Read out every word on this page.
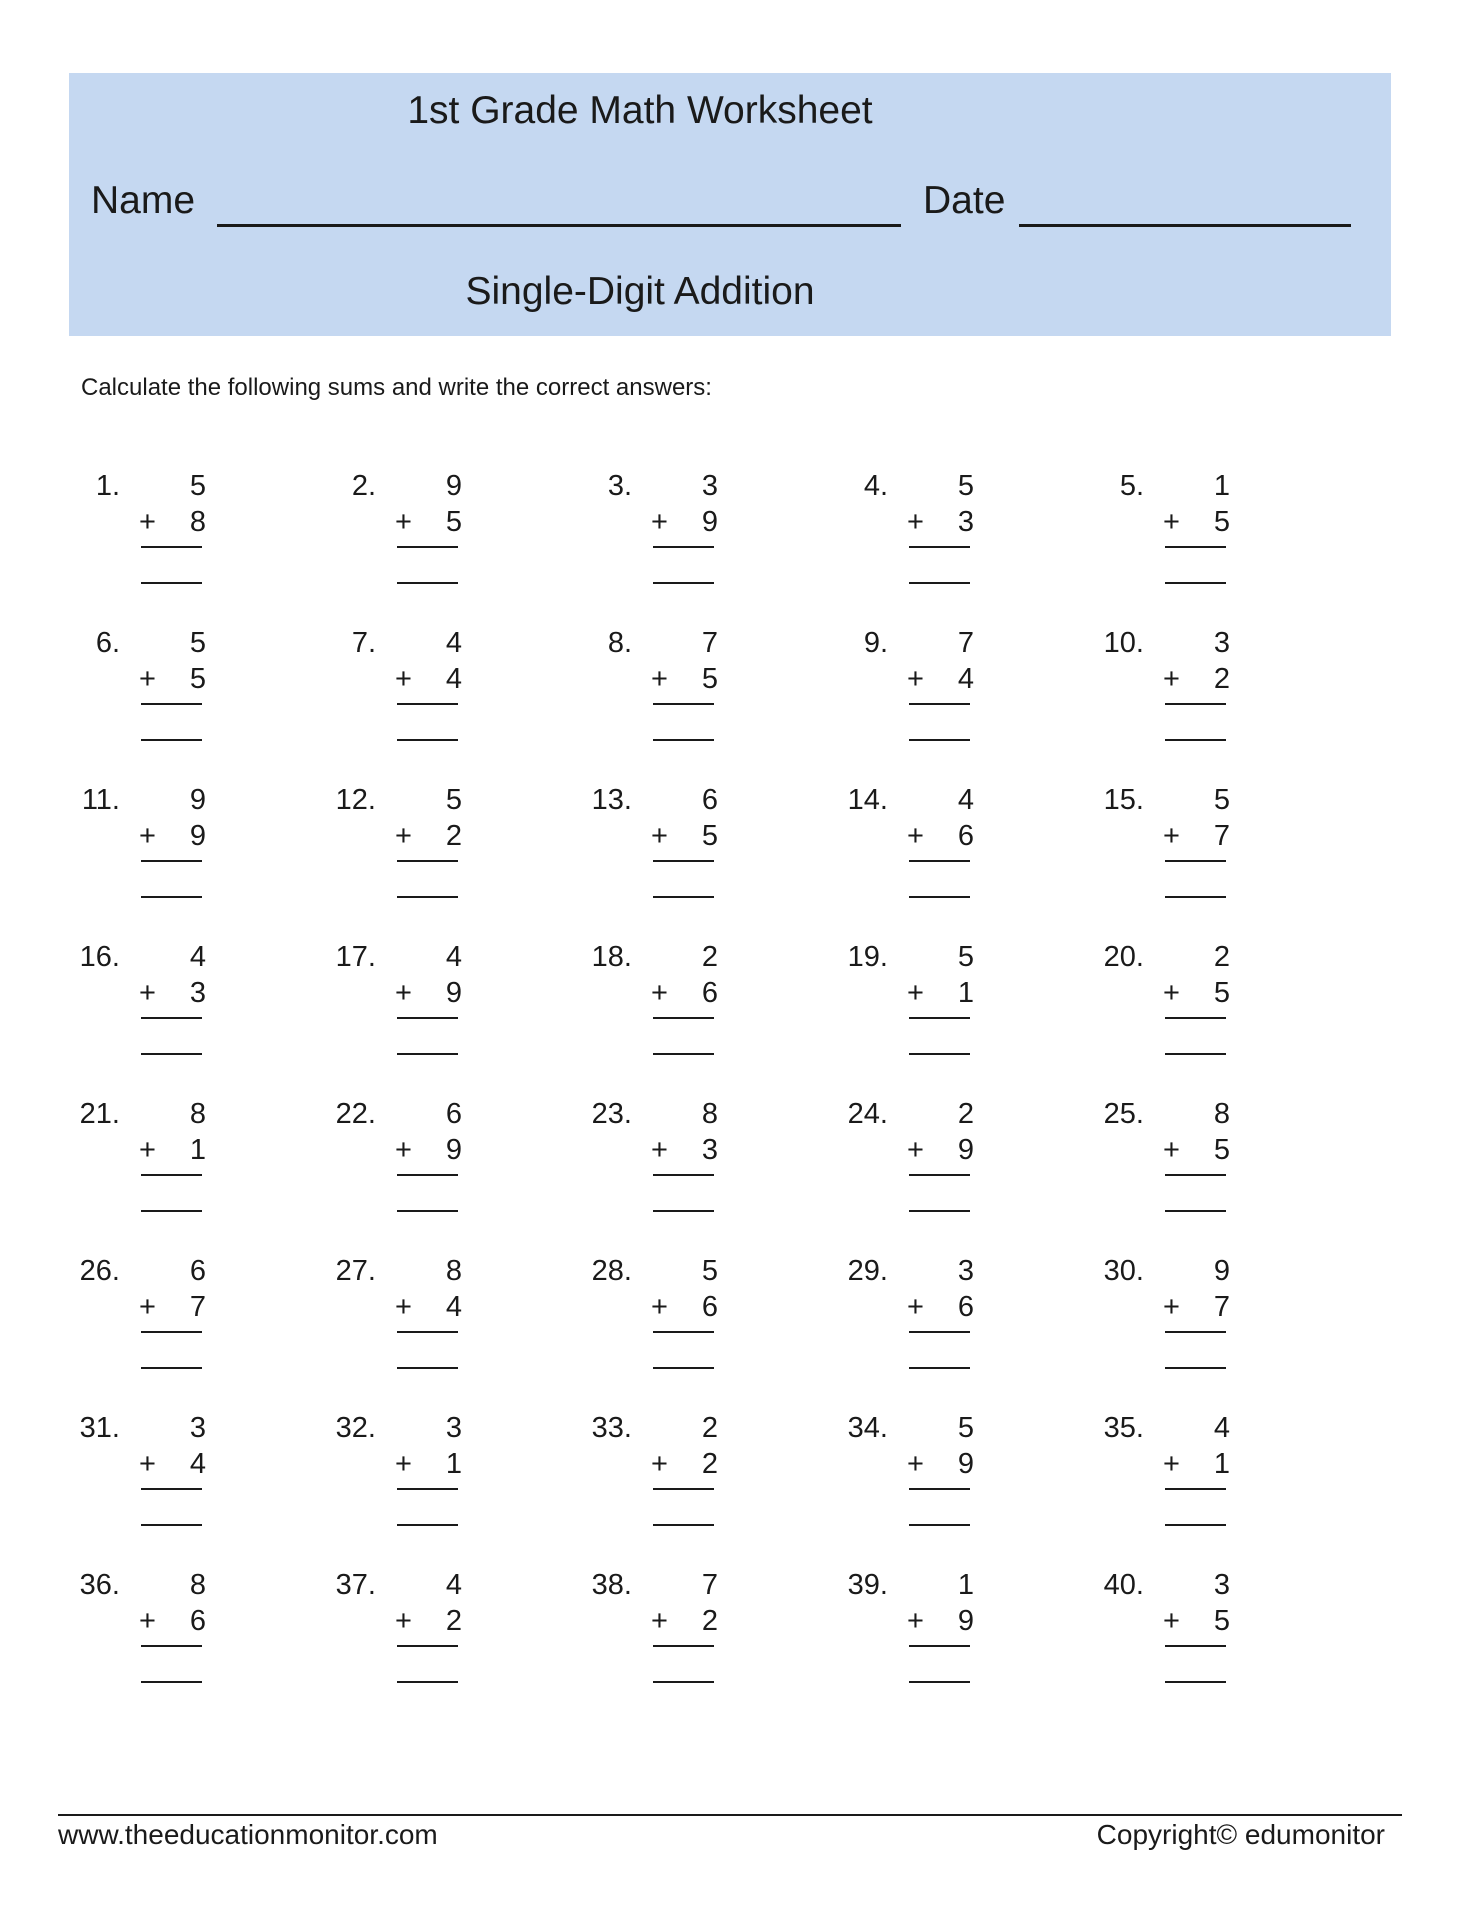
1st Grade Math Worksheet
Name	Date
Single-Digit Addition
Calculate the following sums and write the correct answers:
1. 5
+ 8
2. 9
+ 5
3. 3
+ 9
4. 5
+ 3
5. 1
+ 5
6. 5
+ 5
7. 4
+ 4
8. 7
+ 5
9. 7
+ 4
10. 3
+ 2
11. 9
+ 9
12. 5
+ 2
13. 6
+ 5
14. 4
+ 6
15. 5
+ 7
16. 4
+ 3
17. 4
+ 9
18. 2
+ 6
19. 5
+ 1
20. 2
+ 5
21. 8
+ 1
22. 6
+ 9
23. 8
+ 3
24. 2
+ 9
25. 8
+ 5
26. 6
+ 7
27. 8
+ 4
28. 5
+ 6
29. 3
+ 6
30. 9
+ 7
31. 3
+ 4
32. 3
+ 1
33. 2
+ 2
34. 5
+ 9
35. 4
+ 1
36. 8
+ 6
37. 4
+ 2
38. 7
+ 2
39. 1
+ 9
40. 3
+ 5
www.theeducationmonitor.com	Copyright© edumonitor
